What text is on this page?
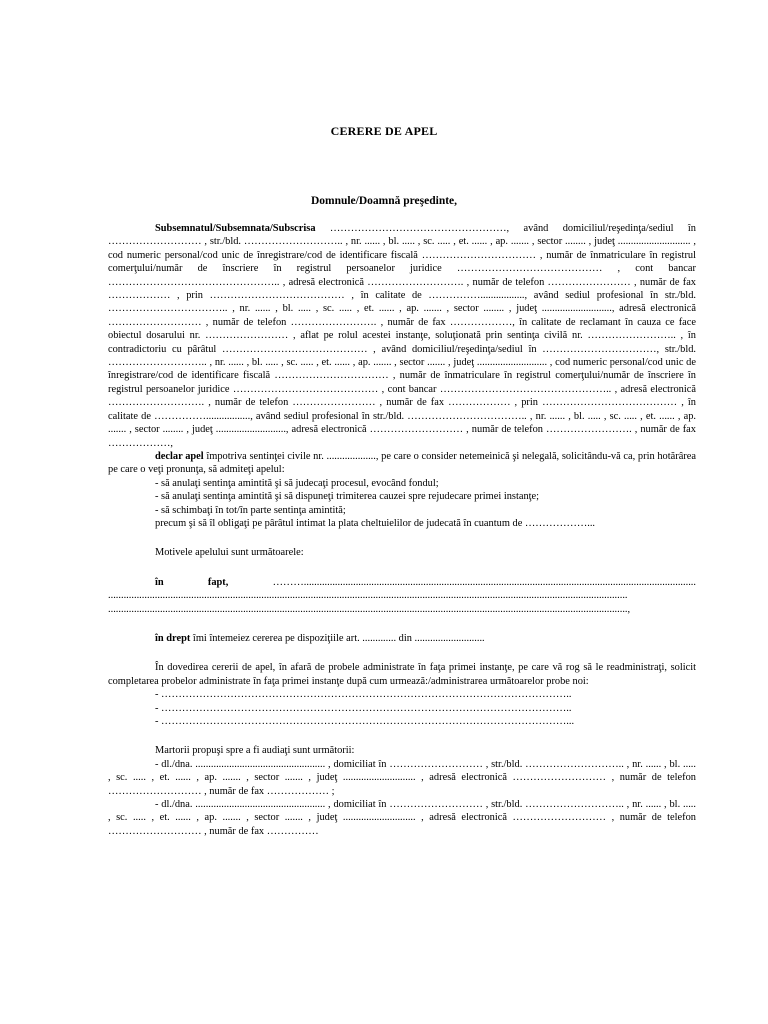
CERERE DE APEL
Domnule/Doamnă preşedinte,

Subsemnatul/Subsemnata/Subscrisa ……………………………………………, având domiciliul/reşedinţa/sediul în ……………………… , str./bld. ……………………….. , nr. ...... , bl. ..... , sc. ..... , et. ...... , ap. ....... , sector ........ , judeţ ............................ , cod numeric personal/cod unic de înregistrare/cod de identificare fiscală …………………………… , număr de înmatriculare în registrul comerţului/număr de înscriere în registrul persoanelor juridice …………………………………… , cont bancar ………………………………………….. , adresă electronică ………………………. , număr de telefon …………………… , număr de fax ……………… , prin ………………………………… , în calitate de ……………................., având sediul profesional în str./bld. …………………………….. , nr. ...... , bl. ..... , sc. ..... , et. ...... , ap. ....... , sector ........ , judeţ ..........................., adresă electronică ……………………… , număr de telefon ……………………. , număr de fax ………………, în calitate de reclamant în cauza ce face obiectul dosarului nr. …………………… , aflat pe rolul acestei instanţe, soluţionată prin sentinţa civilă nr. …………………….. , în contradictoriu cu pârâtul …………………………………… , având domiciliul/reşedinţa/sediul în ……………………………, str./bld. ……………………….. , nr. ...... , bl. ..... , sc. ..... , et. ...... , ap. ....... , sector ....... , judeţ ........................... , cod numeric personal/cod unic de înregistrare/cod de identificare fiscală …………………………… , număr de înmatriculare în registrul comerţului/număr de înscriere în registrul persoanelor juridice …………………………………… , cont bancar ………………………………………….. , adresă electronică ………………………. , număr de telefon …………………… , număr de fax ……………… , prin ………………………………… , în calitate de ……………................., având sediul profesional în str./bld. …………………………….. , nr. ...... , bl. ..... , sc. ..... , et. ...... , ap. ....... , sector ........ , judeţ ..........................., adresă electronică ……………………… , număr de telefon ……………………. , număr de fax ………………,

declar apel împotriva sentinţei civile nr. ..................., pe care o consider netemeinică şi nelegală, solicitându-vă ca, prin hotărârea pe care o veţi pronunţa, să admiteţi apelul:

- să anulaţi sentinţa amintită şi să judecaţi procesul, evocând fondul;

- să anulaţi sentinţa amintită şi să dispuneţi trimiterea cauzei spre rejudecare primei instanţe;

- să schimbaţi în tot/în parte sentinţa amintită;

precum şi să îl obligaţi pe pârâtul intimat la plata cheltuielilor de judecată în cuantum de ………………...

Motivele apelului sunt următoarele:

în fapt, ………....................................................................................................................................................... ........................................................................................................................................................................................................ ........................................................................................................................................................................................................,

în drept îmi întemeiez cererea pe dispoziţiile art. ............. din ...........................

În dovedirea cererii de apel, în afară de probele administrate în faţa primei instanţe, pe care vă rog să le readministraţi, solicit completarea probelor administrate în faţa primei instanţe după cum urmează:/administrarea următoarelor probe noi:

- ………………………………………………………………………………………………………..

- ………………………………………………………………………………………………………..

- ………………………………………………………………………………………………………...

Martorii propuşi spre a fi audiaţi sunt următorii:

- dl./dna. .................................................. , domiciliat în ……………………… , str./bld. ……………………….. , nr. ...... , bl. ..... , sc. ..... , et. ...... , ap. ....... , sector ....... , judeţ ............................ , adresă electronică ……………………… , număr de telefon ……………………… , număr de fax ……………… ;

- dl./dna. .................................................. , domiciliat în ……………………… , str./bld. ……………………….. , nr. ...... , bl. ..... , sc. ..... , et. ...... , ap. ....... , sector ....... , judeţ ............................ , adresă electronică ……………………… , număr de telefon ……………………… , număr de fax ……………
